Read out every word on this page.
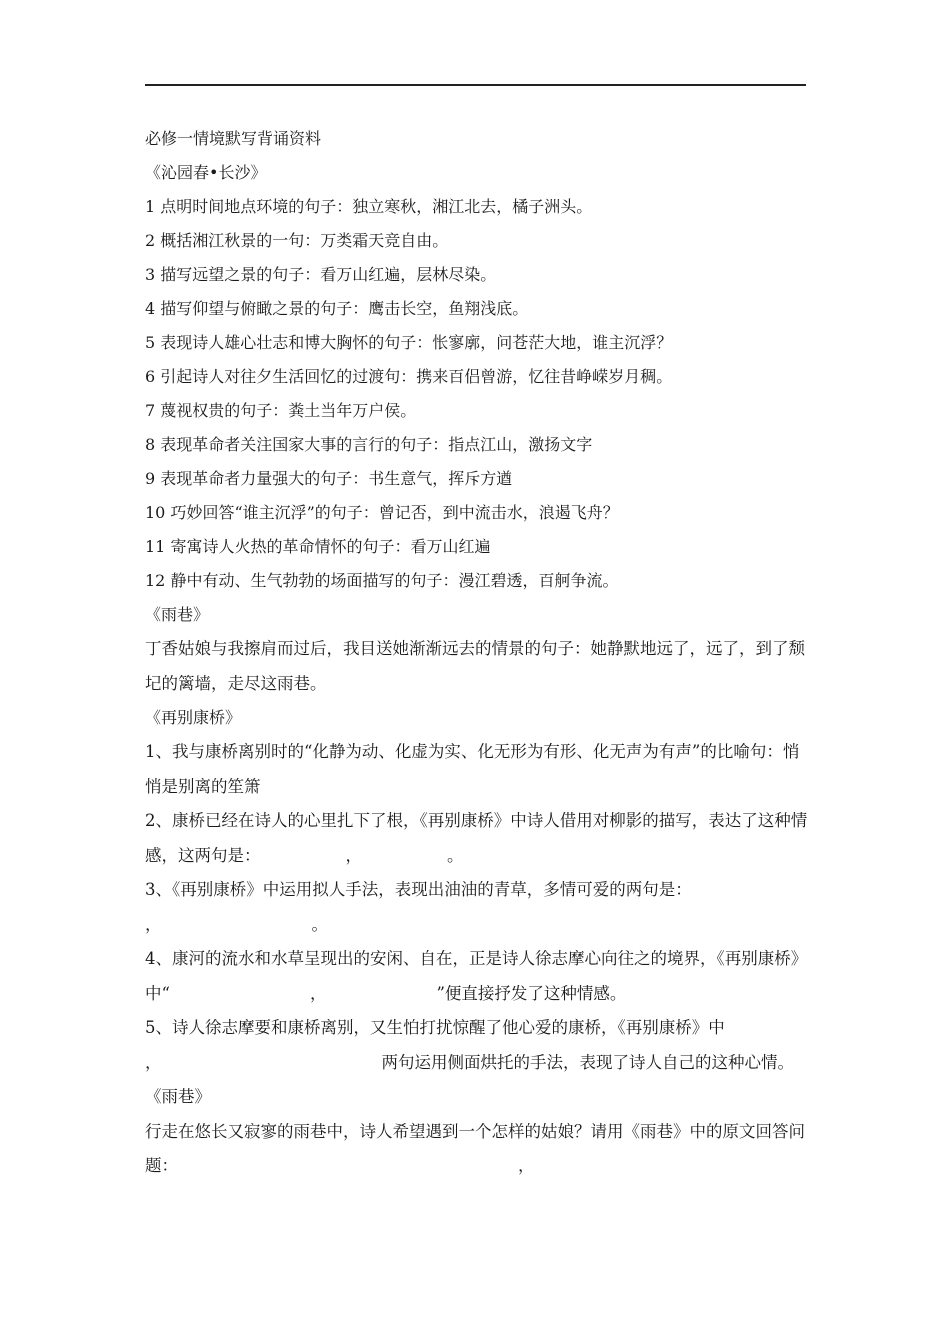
必修一情境默写背诵资料
《沁园春•长沙》
1 点明时间地点环境的句子：独立寒秋，湘江北去，橘子洲头。
2 概括湘江秋景的一句：万类霜天竞自由。
3 描写远望之景的句子：看万山红遍，层林尽染。
4 描写仰望与俯瞰之景的句子：鹰击长空，鱼翔浅底。
5 表现诗人雄心壮志和博大胸怀的句子：怅寥廓，问苍茫大地，谁主沉浮？
6 引起诗人对往夕生活回忆的过渡句：携来百侣曾游，忆往昔峥嵘岁月稠。
7 蔑视权贵的句子：粪土当年万户侯。
8 表现革命者关注国家大事的言行的句子：指点江山，激扬文字
9 表现革命者力量强大的句子：书生意气，挥斥方遒
10 巧妙回答“谁主沉浮”的句子：曾记否，到中流击水，浪遏飞舟？
11 寄寓诗人火热的革命情怀的句子：看万山红遍
12 静中有动、生气勃勃的场面描写的句子：漫江碧透，百舸争流。
《雨巷》
丁香姑娘与我擦肩而过后，我目送她渐渐远去的情景的句子：她静默地远了，远了，到了颓圮的篱墙，走尽这雨巷。
《再别康桥》
1、我与康桥离别时的“化静为动、化虚为实、化无形为有形、化无声为有声”的比喻句：悄悄是别离的笙箫
2、康桥已经在诗人的心里扎下了根，《再别康桥》中诗人借用对柳影的描写，表达了这种情感，这两句是：	，	。
3、《再别康桥》中运用拟人手法，表现出油油的青草，多情可爱的两句是：
，	。
4、康河的流水和水草呈现出的安闲、自在，正是诗人徐志摩心向往之的境界，《再别康桥》中“	，	”便直接抒发了这种情感。
5、诗人徐志摩要和康桥离别，又生怕打扰惊醒了他心爱的康桥，《再别康桥》中
，	两句运用侧面烘托的手法，表现了诗人自己的这种心情。《雨巷》
行走在悠长又寂寥的雨巷中，诗人希望遇到一个怎样的姑娘？请用《雨巷》中的原文回答问题：	，
